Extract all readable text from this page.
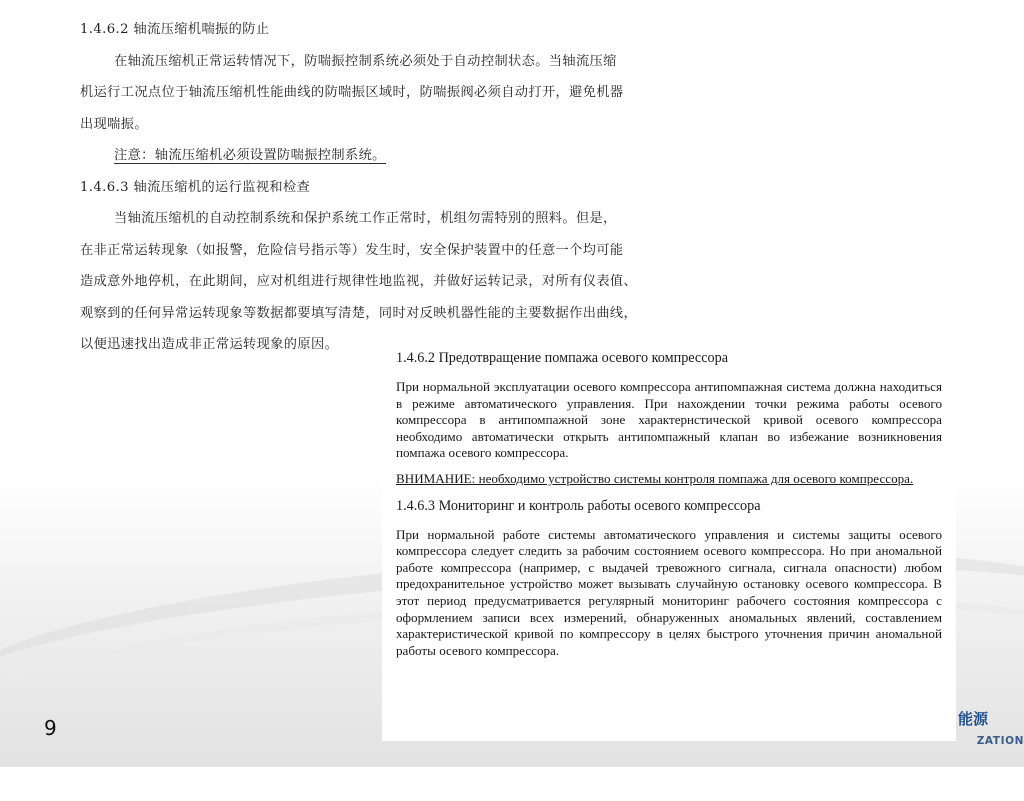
1.4.6.2 轴流压缩机喘振的防止

在轴流压缩机正常运转情况下，防喘振控制系统必须处于自动控制状态。当轴流压缩

机运行工况点位于轴流压缩机性能曲线的防喘振区域时，防喘振阀必须自动打开，避免机器

出现喘振。

注意：轴流压缩机必须设置防喘振控制系统。

1.4.6.3 轴流压缩机的运行监视和检查

当轴流压缩机的自动控制系统和保护系统工作正常时，机组勿需特别的照料。但是，

在非正常运转现象（如报警，危险信号指示等）发生时，安全保护装置中的任意一个均可能

造成意外地停机，在此期间，应对机组进行规律性地监视，并做好运转记录，对所有仪表值、

观察到的任何异常运转现象等数据都要填写清楚，同时对反映机器性能的主要数据作出曲线，

以便迅速找出造成非正常运转现象的原因。

1.4.6.2 Предотвращение помпажа осевого компрессора

При нормальной эксплуатации осевого компрессора антипомпажная система должна находиться в режиме автоматического управления. При нахождении точки режима работы осевого компрессора в антипомпажной зоне характернстической кривой осевого компрессора необходимо автоматически открыть антипомпажный клапан во избежание возникновения помпажа осевого компрессора.

ВНИМАНИЕ: необходимо устройство системы контроля помпажа для осевого компрессора.

1.4.6.3 Мониторинг и контроль работы осевого компрессора

При нормальной работе системы автоматического управления и системы защиты осевого компрессора следует следить за рабочим состоянием осевого компрессора. Но при аномальной работе компрессора (например, с выдачей тревожного сигнала, сигнала опасности) любом предохранительное устройство может вызывать случайную остановку осевого компрессора. В этот период предусматривается регулярный мониторинг рабочего состояния компрессора с оформлением записи всех измерений, обнаруженных аномальных явлений, составлением характеристической кривой по компрессору в целях быстрого уточнения причин аномальной работы осевого компрессора.

9	能源
ZATION
